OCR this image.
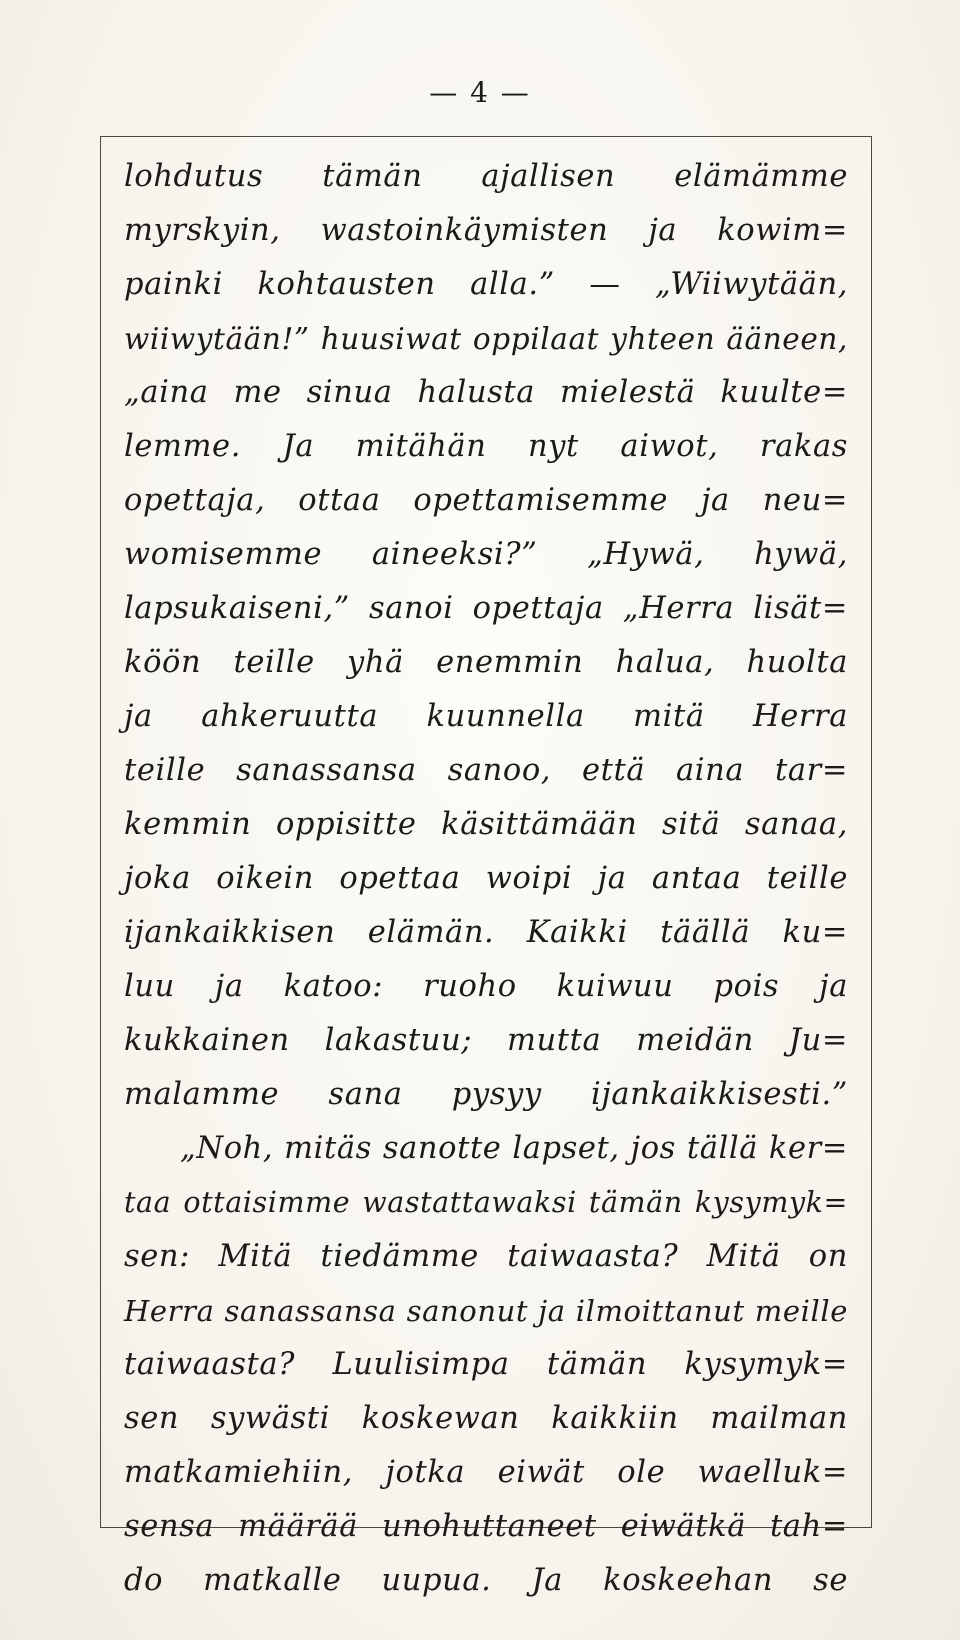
— 4 —
lohdutus tämän ajallisen elämämme
myrskyin, wastoinkäymisten ja kowim=
painki kohtausten alla.” — „Wiiwytään,
wiiwytään!” huusiwat oppilaat yhteen ääneen,
„aina me sinua halusta mielestä kuulte=
lemme. Ja mitähän nyt aiwot, rakas
opettaja, ottaa opettamisemme ja neu=
womisemme aineeksi?” „Hywä, hywä,
lapsukaiseni,” sanoi opettaja „Herra lisät=
köön teille yhä enemmin halua, huolta
ja ahkeruutta kuunnella mitä Herra
teille sanassansa sanoo, että aina tar=
kemmin oppisitte käsittämään sitä sanaa,
joka oikein opettaa woipi ja antaa teille
ijankaikkisen elämän. Kaikki täällä ku=
luu ja katoo: ruoho kuiwuu pois ja
kukkainen lakastuu; mutta meidän Ju=
malamme sana pysyy ijankaikkisesti.”
„Noh, mitäs sanotte lapset, jos tällä ker=
taa ottaisimme wastattawaksi tämän kysymyk=
sen: Mitä tiedämme taiwaasta? Mitä on
Herra sanassansa sanonut ja ilmoittanut meille
taiwaasta? Luulisimpa tämän kysymyk=
sen sywästi koskewan kaikkiin mailman
matkamiehiin, jotka eiwät ole waelluk=
sensa määrää unohuttaneet eiwätkä tah=
do matkalle uupua. Ja koskeehan se
